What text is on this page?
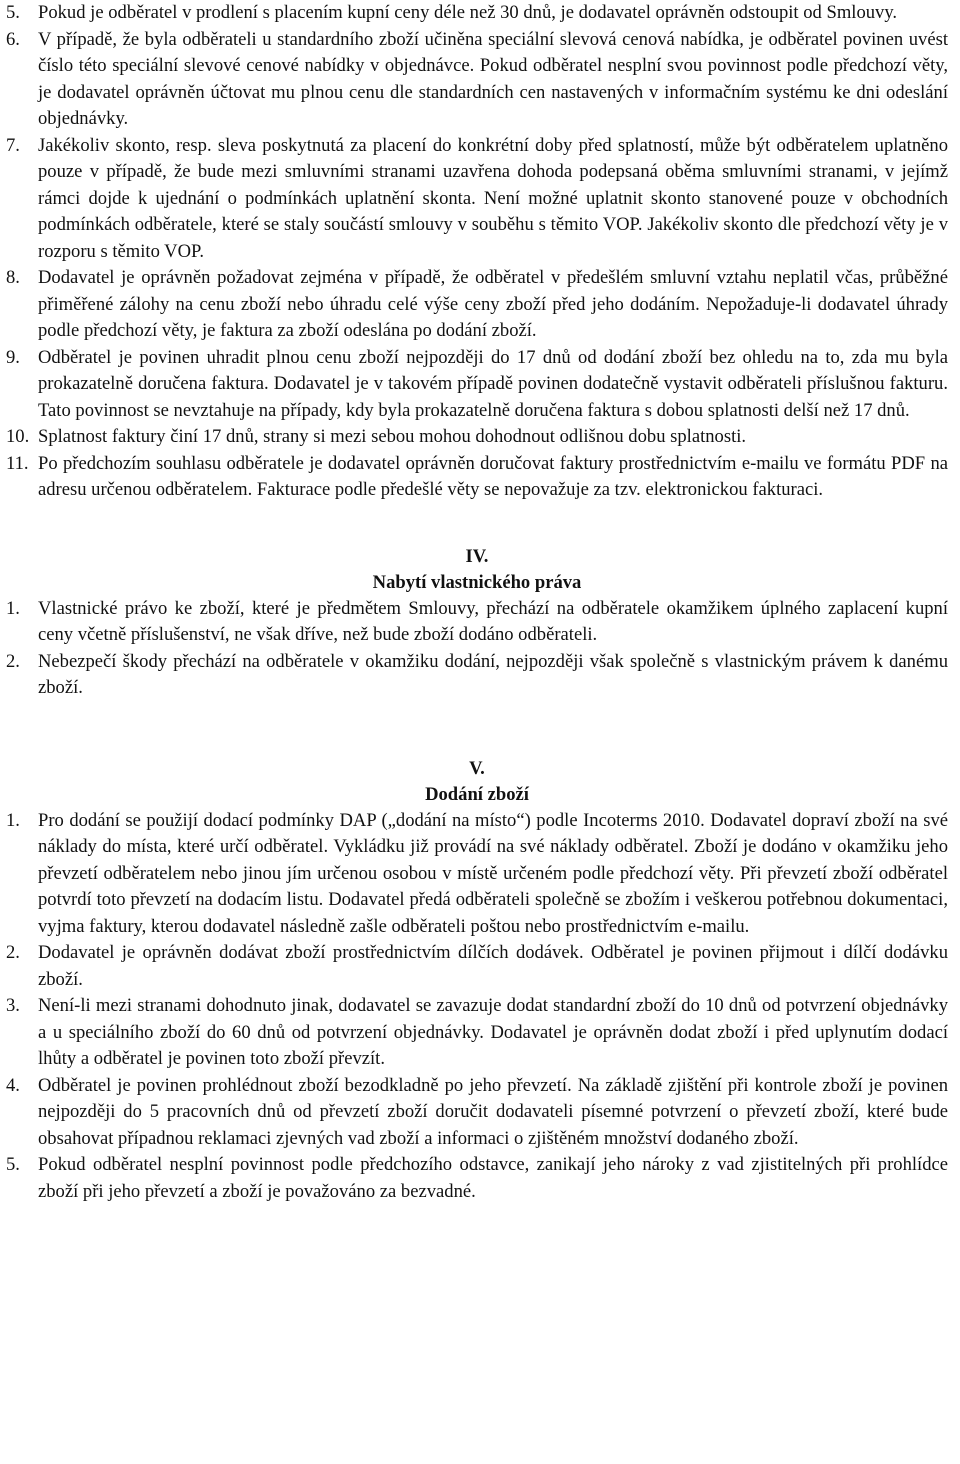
5. Pokud je odběratel v prodlení s placením kupní ceny déle než 30 dnů, je dodavatel oprávněn odstoupit od Smlouvy.
6. V případě, že byla odběrateli u standardního zboží učiněna speciální slevová cenová nabídka, je odběratel povinen uvést číslo této speciální slevové cenové nabídky v objednávce. Pokud odběratel nesplní svou povinnost podle předchozí věty, je dodavatel oprávněn účtovat mu plnou cenu dle standardních cen nastavených v informačním systému ke dni odeslání objednávky.
7. Jakékoliv skonto, resp. sleva poskytnutá za placení do konkrétní doby před splatností, může být odběratelem uplatněno pouze v případě, že bude mezi smluvními stranami uzavřena dohoda podepsaná oběma smluvními stranami, v jejímž rámci dojde k ujednání o podmínkách uplatnění skonta. Není možné uplatnit skonto stanovené pouze v obchodních podmínkách odběratele, které se staly součástí smlouvy v souběhu s těmito VOP. Jakékoliv skonto dle předchozí věty je v rozporu s těmito VOP.
8. Dodavatel je oprávněn požadovat zejména v případě, že odběratel v předešlém smluvní vztahu neplatil včas, průběžné přiměřené zálohy na cenu zboží nebo úhradu celé výše ceny zboží před jeho dodáním. Nepožaduje-li dodavatel úhrady podle předchozí věty, je faktura za zboží odeslána po dodání zboží.
9. Odběratel je povinen uhradit plnou cenu zboží nejpozději do 17 dnů od dodání zboží bez ohledu na to, zda mu byla prokazatelně doručena faktura. Dodavatel je v takovém případě povinen dodatečně vystavit odběrateli příslušnou fakturu. Tato povinnost se nevztahuje na případy, kdy byla prokazatelně doručena faktura s dobou splatnosti delší než 17 dnů.
10. Splatnost faktury činí 17 dnů, strany si mezi sebou mohou dohodnout odlišnou dobu splatnosti.
11. Po předchozím souhlasu odběratele je dodavatel oprávněn doručovat faktury prostřednictvím e-mailu ve formátu PDF na adresu určenou odběratelem. Fakturace podle předešlé věty se nepovažuje za tzv. elektronickou fakturaci.
IV.
Nabytí vlastnického práva
1. Vlastnické právo ke zboží, které je předmětem Smlouvy, přechází na odběratele okamžikem úplného zaplacení kupní ceny včetně příslušenství, ne však dříve, než bude zboží dodáno odběrateli.
2. Nebezpečí škody přechází na odběratele v okamžiku dodání, nejpozději však společně s vlastnickým právem k danému zboží.
V.
Dodání zboží
1. Pro dodání se použijí dodací podmínky DAP („dodání na místo“) podle Incoterms 2010. Dodavatel dopraví zboží na své náklady do místa, které určí odběratel. Vykládku již provádí na své náklady odběratel. Zboží je dodáno v okamžiku jeho převzetí odběratelem nebo jinou jím určenou osobou v místě určeném podle předchozí věty. Při převzetí zboží odběratel potvrdí toto převzetí na dodacím listu. Dodavatel předá odběrateli společně se zbožím i veškerou potřebnou dokumentaci, vyjma faktury, kterou dodavatel následně zašle odběrateli poštou nebo prostřednictvím e-mailu.
2. Dodavatel je oprávněn dodávat zboží prostřednictvím dílčích dodávek. Odběratel je povinen přijmout i dílčí dodávku zboží.
3. Není-li mezi stranami dohodnuto jinak, dodavatel se zavazuje dodat standardní zboží do 10 dnů od potvrzení objednávky a u speciálního zboží do 60 dnů od potvrzení objednávky. Dodavatel je oprávněn dodat zboží i před uplynutím dodací lhůty a odběratel je povinen toto zboží převzít.
4. Odběratel je povinen prohlédnout zboží bezodkladně po jeho převzetí. Na základě zjištění při kontrole zboží je povinen nejpozději do 5 pracovních dnů od převzetí zboží doručit dodavateli písemné potvrzení o převzetí zboží, které bude obsahovat případnou reklamaci zjevných vad zboží a informaci o zjištěném množství dodaného zboží.
5. Pokud odběratel nesplní povinnost podle předchozího odstavce, zanikají jeho nároky z vad zjistitelných při prohlídce zboží při jeho převzetí a zboží je považováno za bezvadné.
